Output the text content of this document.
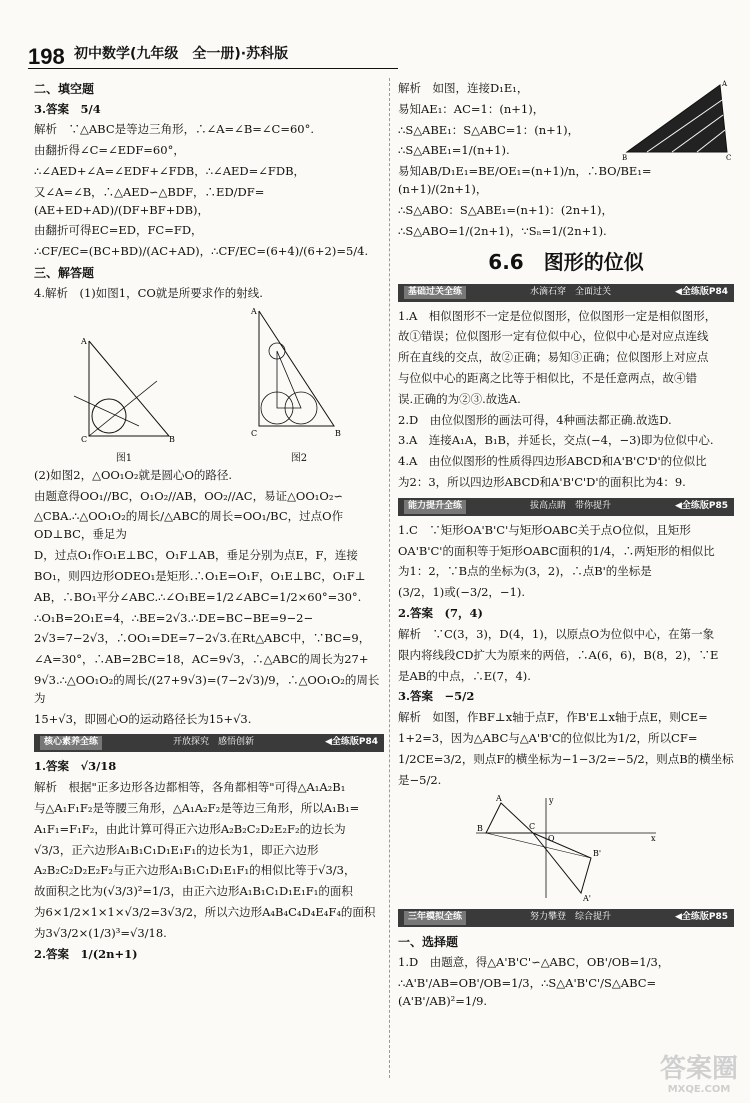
198 初中数学(九年级　全一册)·苏科版
二、填空题

3.答案　5/4

解析　∵△ABC是等边三角形，∴∠A=∠B=∠C=60°.

由翻折得∠C=∠EDF=60°，

∴∠AED+∠A=∠EDF+∠FDB，∴∠AED=∠FDB，

又∠A=∠B，∴△AED∽△BDF，∴ED/DF=(AE+ED+AD)/(DF+BF+DB)，

由翻折可得EC=ED，FC=FD，

∴CF/EC=(BC+BD)/(AC+AD)，∴CF/EC=(6+4)/(6+2)=5/4.

三、解答题

4.解析　(1)如图1，CO就是所要求作的射线.

A
C	B
图1
A
C	B
图2

(2)如图2，△OO₁O₂就是圆心O的路径.

由题意得OO₁//BC，O₁O₂//AB，OO₂//AC，易证△OO₁O₂∽

△CBA.∴△OO₁O₂的周长/△ABC的周长=OO₁/BC，过点O作OD⊥BC，垂足为

D，过点O₁作O₁E⊥BC，O₁F⊥AB，垂足分别为点E，F，连接

BO₁，则四边形ODEO₁是矩形.∴O₁E=O₁F，O₁E⊥BC，O₁F⊥

AB，∴BO₁平分∠ABC.∴∠O₁BE=1/2∠ABC=1/2×60°=30°.

∴O₁B=2O₁E=4，∴BE=2√3.∴DE=BC−BE=9−2−

2√3=7−2√3，∴OO₁=DE=7−2√3.在Rt△ABC中，∵BC=9，

∠A=30°，∴AB=2BC=18，AC=9√3，∴△ABC的周长为27+

9√3.∴△OO₁O₂的周长/(27+9√3)=(7−2√3)/9，∴△OO₁O₂的周长为

15+√3，即圆心O的运动路径长为15+√3.

核心素养全练	开放探究　感悟创新	◀全练版P84

1.答案　√3/18

解析　根据"正多边形各边都相等，各角都相等"可得△A₁A₂B₁

与△A₁F₁F₂是等腰三角形，△A₁A₂F₂是等边三角形，所以A₁B₁=

A₁F₁=F₁F₂，由此计算可得正六边形A₂B₂C₂D₂E₂F₂的边长为

√3/3，正六边形A₁B₁C₁D₁E₁F₁的边长为1，即正六边形

A₂B₂C₂D₂E₂F₂与正六边形A₁B₁C₁D₁E₁F₁的相似比等于√3/3，

故面积之比为(√3/3)²=1/3，由正六边形A₁B₁C₁D₁E₁F₁的面积

为6×1/2×1×1×√3/2=3√3/2，所以六边形A₄B₄C₄D₄E₄F₄的面积

为3√3/2×(1/3)³=√3/18.

2.答案　1/(2n+1)

解析　如图，连接D₁E₁，

易知AE₁：AC=1：(n+1)，

∴S△ABE₁：S△ABC=1：(n+1)，

∴S△ABE₁=1/(n+1).

B	C
A

易知AB/D₁E₁=BE/OE₁=(n+1)/n，∴BO/BE₁=(n+1)/(2n+1)，

∴S△ABO：S△ABE₁=(n+1)：(2n+1)，

∴S△ABO=1/(2n+1)，∵Sₙ=1/(2n+1).

6.6　图形的位似
基础过关全练	水滴石穿　全面过关	◀全练版P84

1.A　相似图形不一定是位似图形，位似图形一定是相似图形，

故①错误；位似图形一定有位似中心，位似中心是对应点连线

所在直线的交点，故②正确；易知③正确；位似图形上对应点

与位似中心的距离之比等于相似比，不是任意两点，故④错

误.正确的为②③.故选A.

2.D　由位似图形的画法可得，4种画法都正确.故选D.

3.A　连接A₁A，B₁B，并延长，交点(−4，−3)即为位似中心.

4.A　由位似图形的性质得四边形ABCD和A'B'C'D'的位似比

为2：3，所以四边形ABCD和A'B'C'D'的面积比为4：9.

能力提升全练	拔高点睛　带你提升	◀全练版P85

1.C　∵矩形OA'B'C'与矩形OABC关于点O位似，且矩形

OA'B'C'的面积等于矩形OABC面积的1/4，∴两矩形的相似比

为1：2，∵B点的坐标为(3，2)，∴点B'的坐标是

(3/2，1)或(−3/2，−1).

2.答案　(7，4)

解析　∵C(3，3)，D(4，1)，以原点O为位似中心，在第一象

限内将线段CD扩大为原来的两倍，∴A(6，6)，B(8，2)，∵E

是AB的中点，∴E(7，4).

3.答案　−5/2

解析　如图，作BF⊥x轴于点F，作B'E⊥x轴于点E，则CE=

1+2=3，因为△ABC与△A'B'C的位似比为1/2，所以CF=

1/2CE=3/2，则点F的横坐标为−1−3/2=−5/2，则点B的横坐标

是−5/2.

A
B	C
O
B'
A'
x
y
三年模拟全练	努力攀登　综合提升	◀全练版P85
一、选择题

1.D　由题意，得△A'B'C'∽△ABC，OB'/OB=1/3，

∴A'B'/AB=OB'/OB=1/3，∴S△A'B'C'/S△ABC=(A'B'/AB)²=1/9.

答案圈
MXQE.COM
